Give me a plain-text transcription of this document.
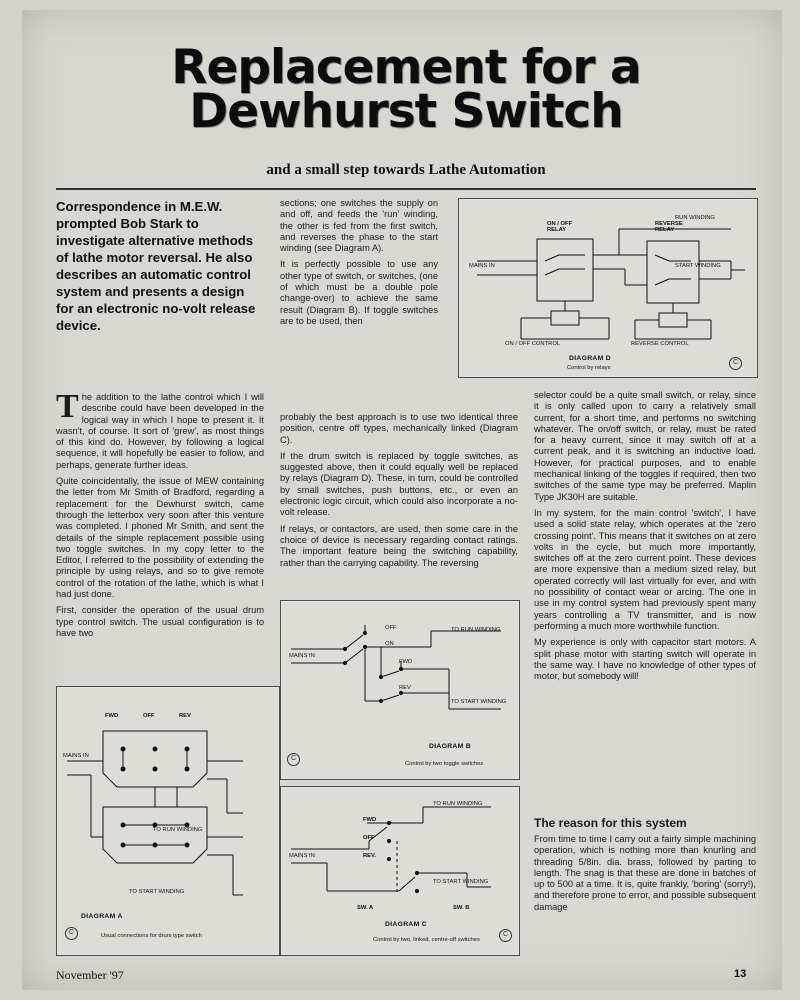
Replacement for a
Dewhurst Switch
and a small step towards Lathe Automation
Correspondence in M.E.W. prompted Bob Stark to investigate alternative methods of lathe motor reversal. He also describes an automatic control system and presents a design for an electronic no-volt release device.

The addition to the lathe control which I will describe could have been developed in the logical way in which I hope to present it. It wasn't, of course. It sort of 'grew', as most things of this kind do. However, by following a logical sequence, it will hopefully be easier to follow, and perhaps, generate further ideas.

Quite coincidentally, the issue of MEW containing the letter from Mr Smith of Bradford, regarding a replacement for the Dewhurst switch, came through the letterbox very soon after this venture was completed. I phoned Mr Smith, and sent the details of the simple replacement possible using two toggle switches. In my copy letter to the Editor, I referred to the possibility of extending the principle by using relays, and so to give remote control of the rotation of the lathe, which is what I had just done.

First, consider the operation of the usual drum type control switch. The usual configuration is to have two

sections; one switches the supply on and off, and feeds the 'run' winding, the other is fed from the first switch, and reverses the phase to the start winding (see Diagram A).

It is perfectly possible to use any other type of switch, or switches, (one of which must be a double pole change-over) to achieve the same result (Diagram B). If toggle switches are to be used, then

probably the best approach is to use two identical three position, centre off types, mechanically linked (Diagram C).

If the drum switch is replaced by toggle switches, as suggested above, then it could equally well be replaced by relays (Diagram D). These, in turn, could be controlled by small switches, push buttons, etc., or even an electronic logic circuit, which could also incorporate a no-volt release.

If relays, or contactors, are used, then some care in the choice of device is necessary regarding contact ratings. The important feature being the switching capability, rather than the carrying capability. The reversing

selector could be a quite small switch, or relay, since it is only called upon to carry a relatively small current, for a short time, and performs no switching whatever. The on/off switch, or relay, must be rated for a heavy current, since it may switch off at a current peak, and it is switching an inductive load. However, for practical purposes, and to enable mechanical linking of the toggles if required, then two switches of the same type may be preferred. Maplin Type JK30H are suitable.

In my system, for the main control 'switch', I have used a solid state relay, which operates at the 'zero crossing point'. This means that it switches on at zero volts in the cycle, but much more importantly, switches off at the zero current point. These devices are more expensive than a medium sized relay, but operated correctly will last virtually for ever, and with no possibility of contact wear or arcing. The one in use in my control system had previously spent many years controlling a TV transmitter, and is now performing a much more worthwhile function.

My experience is only with capacitor start motors. A split phase motor with starting switch will operate in the same way. I have no knowledge of other types of motor, but somebody will!

The reason for this system

From time to time I carry out a fairly simple machining operation, which is nothing more than knurling and threading 5/8in. dia. brass, followed by parting to length. The snag is that these are done in batches of up to 500 at a time. It is, quite frankly, 'boring' (sorry!), and therefore prone to error, and possible subsequent damage

MAINS IN
ON / OFF
RELAY
REVERSE
RELAY
RUN WINDING
START WINDING
ON / OFF CONTROL	REVERSE CONTROL
DIAGRAM D
Control by relays
C
OFF
ON
MAINS IN
FWD
REV
TO RUN WINDING
TO START WINDING
DIAGRAM B
Control by two toggle switches
C
FWD	OFF	REV
MAINS IN
TO RUN WINDING
TO START WINDING
DIAGRAM A
Usual connections for drum type switch
C
FWD
OFF
REV.
MAINS IN
TO RUN WINDING
TO START WINDING
SW. A	SW. B
DIAGRAM C
Control by two, linked, centre-off switches
C
November '97	13
